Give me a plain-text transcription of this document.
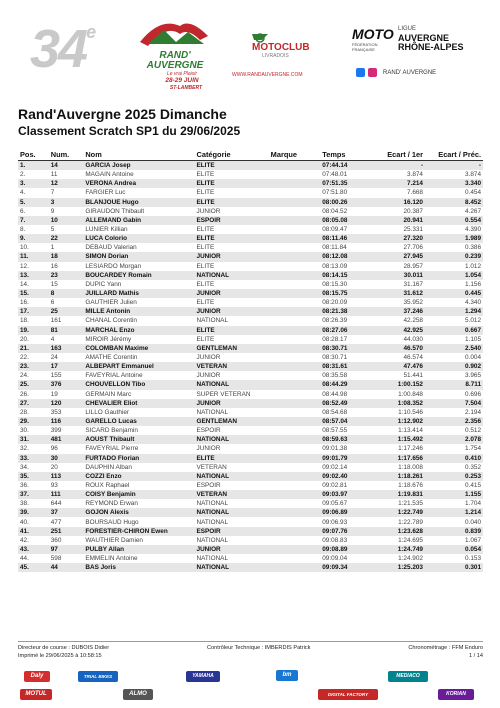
34e
RAND'
AUVERGNE
Le vrai Plaisir
28-29 JUIN
ST-LAMBERT
MOTOCLUB
LIVRADOIS
WWW.RANDAUVERGNE.COM
MOTO
FÉDÉRATION FRANÇAISE
LIGUE
AUVERGNE
RHÔNE-ALPES
RAND' AUVERGNE
Rand'Auvergne 2025 Dimanche
Classement Scratch SP1 du 29/06/2025
Pos.	Num.	Nom	Catégorie	Marque	Temps	Ecart / 1er	Ecart / Préc.
1.	14	GARCIA Josep	ELITE		07:44.14	-	-
2.	11	MAGAIN Antoine	ELITE		07:48.01	3.874	3.874
3.	12	VERONA Andrea	ELITE		07:51.35	7.214	3.340
4.	7	FARGIER Luc	ELITE		07:51.80	7.668	0.454
5.	3	BLANJOUE Hugo	ELITE		08:00.26	16.120	8.452
6.	9	GIRAUDON Thibault	JUNIOR		08:04.52	20.387	4.267
7.	10	ALLEMAND Gabin	ESPOIR		08:05.08	20.941	0.554
8.	5	LUNIER Killian	ELITE		08:09.47	25.331	4.390
9.	22	LUCA Colorio	ELITE		08:11.46	27.320	1.989
10.	1	DEBAUD Valerian	ELITE		08:11.84	27.706	0.386
11.	18	SIMON Dorian	JUNIOR		08:12.08	27.945	0.239
12.	16	LESIARDO Morgan	ELITE		08:13.09	28.957	1.012
13.	23	BOUCARDEY Romain	NATIONAL		08:14.15	30.011	1.054
14.	15	DUPIC Yann	ELITE		08:15.30	31.167	1.156
15.	8	JUILLARD Mathis	JUNIOR		08:15.75	31.612	0.445
16.	6	GAUTHIER Julien	ELITE		08:20.09	35.952	4.340
17.	25	MILLE Antonin	JUNIOR		08:21.38	37.246	1.294
18.	161	CHANAL Corentin	NATIONAL		08:26.39	42.258	5.012
19.	81	MARCHAL Enzo	ELITE		08:27.06	42.925	0.667
20.	4	MIROIR Jérémy	ELITE		08:28.17	44.030	1.105
21.	163	COLOMBAN Maxime	GENTLEMAN		08:30.71	46.570	2.540
22.	24	AMATHE Corentin	JUNIOR		08:30.71	46.574	0.004
23.	17	ALBEPART Emmanuel	VETERAN		08:31.61	47.476	0.902
24.	155	FAVEYRIAL Antoine	JUNIOR		08:35.58	51.441	3.965
25.	376	CHOUVELLON Tibo	NATIONAL		08:44.29	1:00.152	8.711
26.	19	GERMAIN Marc	SUPER VETERAN		08:44.98	1:00.848	0.696
27.	120	CHEVALIER Eliot	JUNIOR		08:52.49	1:08.352	7.504
28.	353	LILLO Gauthier	NATIONAL		08:54.68	1:10.546	2.194
29.	116	GARELLO Lucas	GENTLEMAN		08:57.04	1:12.902	2.356
30.	399	SICARD Benjamin	ESPOIR		08:57.55	1:13.414	0.512
31.	481	AOUST Thibault	NATIONAL		08:59.63	1:15.492	2.078
32.	96	FAVEYRIAL Pierre	JUNIOR		09:01.38	1:17.246	1.754
33.	30	FURTADO Florian	ELITE		09:01.79	1:17.656	0.410
34.	20	DAUPHIN Alban	VETERAN		09:02.14	1:18.008	0.352
35.	113	COZZI Enzo	NATIONAL		09:02.40	1:18.261	0.253
36.	93	ROUX Raphael	ESPOIR		09:02.81	1:18.676	0.415
37.	111	COISY Benjamin	VETERAN		09:03.97	1:19.831	1.155
38.	644	REYMOND Erwan	NATIONAL		09:05.67	1:21.535	1.704
39.	37	GOJON Alexis	NATIONAL		09:06.89	1:22.749	1.214
40.	477	BOURSAUD Hugo	NATIONAL		09:06.93	1:22.789	0.040
41.	251	FORESTIER-CHIRON Ewen	ESPOIR		09:07.76	1:23.628	0.839
42.	360	WAUTHIER Damien	NATIONAL		09:08.83	1:24.695	1.067
43.	97	PULBY Allan	JUNIOR		09:08.89	1:24.749	0.054
44.	598	EMMELIN Antoine	NATIONAL		09:09.04	1:24.902	0.153
45.	44	BAS Joris	NATIONAL		09:09.34	1:25.203	0.301
Directeur de course : DUBOIS Didier	Contrôleur Technique : IMBERDIS Patrick	Chronométrage : FFM Enduro
Imprimé le 29/06/2025 à 10:58:15	1 / 14
Daly	TRIAL BIKES	YAMAHA	bm	MEDIACO
MOTUL	ALMO	DIGITAL FACTORY	KORIAN
